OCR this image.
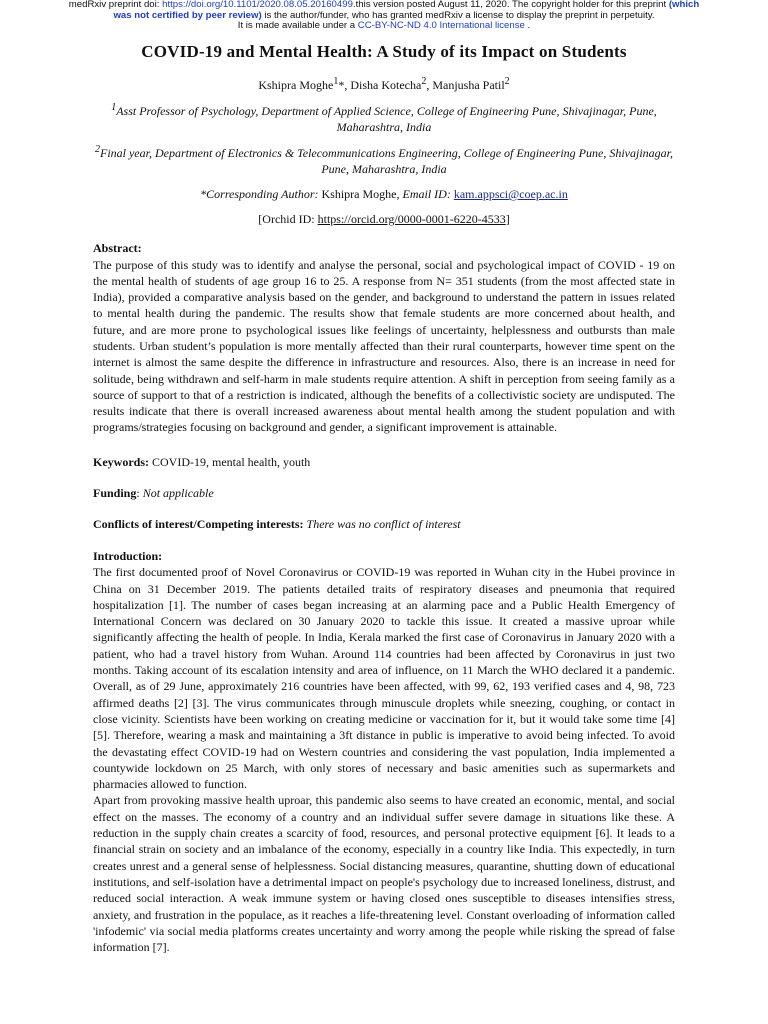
medRxiv preprint doi: https://doi.org/10.1101/2020.08.05.20160499.this version posted August 11, 2020. The copyright holder for this preprint (which was not certified by peer review) is the author/funder, who has granted medRxiv a license to display the preprint in perpetuity.
It is made available under a CC-BY-NC-ND 4.0 International license .
COVID-19 and Mental Health: A Study of its Impact on Students
Kshipra Moghe$^1$*, Disha Kotecha$^2$, Manjusha Patil$^2$
$^1$Asst Professor of Psychology, Department of Applied Science, College of Engineering Pune, Shivajinagar, Pune, Maharashtra, India
$^2$Final year, Department of Electronics & Telecommunications Engineering, College of Engineering Pune, Shivajinagar, Pune, Maharashtra, India
*Corresponding Author: Kshipra Moghe, Email ID: kam.appsci@coep.ac.in
[Orchid ID: https://orcid.org/0000-0001-6220-4533]
Abstract:

The purpose of this study was to identify and analyse the personal, social and psychological impact of COVID - 19 on the mental health of students of age group 16 to 25. A response from N= 351 students (from the most affected state in India), provided a comparative analysis based on the gender, and background to understand the pattern in issues related to mental health during the pandemic. The results show that female students are more concerned about health, and future, and are more prone to psychological issues like feelings of uncertainty, helplessness and outbursts than male students. Urban student’s population is more mentally affected than their rural counterparts, however time spent on the internet is almost the same despite the difference in infrastructure and resources. Also, there is an increase in need for solitude, being withdrawn and self-harm in male students require attention. A shift in perception from seeing family as a source of support to that of a restriction is indicated, although the benefits of a collectivistic society are undisputed. The results indicate that there is overall increased awareness about mental health among the student population and with programs/strategies focusing on background and gender, a significant improvement is attainable.

Keywords: COVID-19, mental health, youth
Funding: Not applicable
Conflicts of interest/Competing interests: There was no conflict of interest
Introduction:

The first documented proof of Novel Coronavirus or COVID-19 was reported in Wuhan city in the Hubei province in China on 31 December 2019. The patients detailed traits of respiratory diseases and pneumonia that required hospitalization [1]. The number of cases began increasing at an alarming pace and a Public Health Emergency of International Concern was declared on 30 January 2020 to tackle this issue. It created a massive uproar while significantly affecting the health of people. In India, Kerala marked the first case of Coronavirus in January 2020 with a patient, who had a travel history from Wuhan. Around 114 countries had been affected by Coronavirus in just two months. Taking account of its escalation intensity and area of influence, on 11 March the WHO declared it a pandemic. Overall, as of 29 June, approximately 216 countries have been affected, with 99, 62, 193 verified cases and 4, 98, 723 affirmed deaths [2] [3]. The virus communicates through minuscule droplets while sneezing, coughing, or contact in close vicinity. Scientists have been working on creating medicine or vaccination for it, but it would take some time [4] [5]. Therefore, wearing a mask and maintaining a 3ft distance in public is imperative to avoid being infected. To avoid the devastating effect COVID-19 had on Western countries and considering the vast population, India implemented a countywide lockdown on 25 March, with only stores of necessary and basic amenities such as supermarkets and pharmacies allowed to function.

Apart from provoking massive health uproar, this pandemic also seems to have created an economic, mental, and social effect on the masses. The economy of a country and an individual suffer severe damage in situations like these. A reduction in the supply chain creates a scarcity of food, resources, and personal protective equipment [6]. It leads to a financial strain on society and an imbalance of the economy, especially in a country like India. This expectedly, in turn creates unrest and a general sense of helplessness. Social distancing measures, quarantine, shutting down of educational institutions, and self-isolation have a detrimental impact on people's psychology due to increased loneliness, distrust, and reduced social interaction. A weak immune system or having closed ones susceptible to diseases intensifies stress, anxiety, and frustration in the populace, as it reaches a life-threatening level. Constant overloading of information called 'infodemic' via social media platforms creates uncertainty and worry among the people while risking the spread of false information [7].
